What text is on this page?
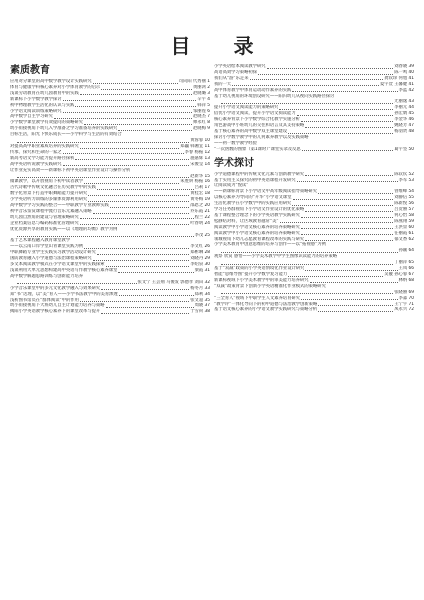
目 录
素质教育
应用对分课堂的高中数学教学设计实践研究	司向阳 代秀丽 1
体育与健康学科核心素养对小学体育教学的启示	黄丽鸿 2
浅谈劳动教育在幼儿园教育中的实践	赵晓璐 3
新课标下小学数学教学探讨	辛宇 4
初中物理教学生活化的认识与实践	韩萍 5
小学语文阅读训练策略研究	邹丽莲 6
高中数学自主学习研究	赵晓杰 7
小学数学课堂教学有效提问的策略研究	帅永红 8
幼小衔接视角下幼儿入学准备之学习准备培养的实践研究	赵晓梅 9
目标生活，阳光下快乐成长——小学科学与生活的有效结合
黄蓉蓉 10
对提高高中职业素质培养的实践研究	郑巍 韩湘宜 11
传承、探究和生命的一家之	李春 杨振 12
新高考语文学习能力提升路径探析	施嘉辉 13
高中英语听说教学实践研究	宋俊莹 14
让作业充实高效——新课标下初中英语课堂作业设计与操作分析
赵新华 15
微课教学，以开放视角下初中读者教学	朱胜妍 杨振 16
古代诗歌中传统文化融合在历史教学中的实践	吕莉 17
数字化背景下打造中职舞蹈能力提升研究	黄桂宏 18
小学英语听力训练的多媒体资源利用研究	黄冬梅 19
高中数学学习实践的整合——中职教学专业教师实践	邵恩之 20
初中音乐鉴赏课程中流行音乐元素融入策略	乔东霞 21
幼儿园自然角的建设与管理策略研究	程兰 22
企业档案信息与编码标准化管理研究	叶春明 24
优化资源共享的教育实践——以《地理的均衡》教学为例
李茂 25
基于艺术课程融入教育课堂教学
——以云南口岸学堂山青课堂实践为例	李文红 26
中职舞蹈专业学生实践实习教学活动设计研究	郑彬琳 28
国防教育融入小学道德与法治课程策略研究	刘晓丹 29
多文本阅读教学模式在小学语文课堂中的实践探索	李绍泉 30
浅谈利用大单元思想构建高中英语写作教学核心素养课堂	梁霞 31
高中数学解题思路训练与创新能力培养
张文宁 王芸翔 马俊发 郭德孝 刘田 32
小学音乐课堂中的多元文化教学融入与效果研究	杨冬月 33
知“书”达理，以“美”育人——小学书法教学中的美育渗透	郑利 34
浅析图书馆员在“群体阅读”中的作用	张文超 35
幼小衔接视角下大班幼儿自主计划能力培养与策略	周晓 37
揭阳小学英语教学核心素养下的课堂改革与提升	于雪荷 38
小学英语绘本阅读教学研究	刘春晓 39
高语高效学习策略初探	陈一鸣 40
我们从“游”乐走来	龚钦珍 何旭 41
我的一天	夏宇萱 王馨婕 41
高中体育教学中体育运动动作素养的实践	李蓝 42
基于幼儿视角的环境创设研究——阳归幼儿从视向实践路径探讨
尤丽逸 43
提升小学语文阅读能力的策略研究	李丽元 44
借优小学语文阅读，提升小学语文阅读能力	孙宏婧 45
核心素养背景下小学数学综合化教学实施分析	李金华 46
角色游戏中小班幼儿的交往和语言及其支持策略	姚晓芳 47
基于核心素养的高中数学双主课堂建设	杨羽贤 48
探讨小学数学教学中的几何素养教学以及实践策略
——初一数学教学经验
“一次函数的图象（第1课时）”课堂实录及反思	葛宇坚 50
学术探讨
小学道德课程中的传统文化元素与创新教学研究	陈钦钦 52
基于实用主义探究的初中英语课程开发研究	李军 53
让阅读成为“悦读”
——新课标背景下小学语文中高年级阅读指导策略研究	曾维峰 54
以核心素养为导向的“升华”小学语文课堂	刘静信 55
生活化教学在小学数学中的实践应用研究	陈新悦 56
学习任务群视角下小学语文作业设计的优化策略	吕贺丽 57
基于课程整合理念下的小学英语教学实践研究	何心怡 58
松静结对料，让区域教育越常“美”	陈燕翔 59
阅读教学中小学语文核心素养的培养策略研究	王洪显 60
阅读教学中小学语文核心素养的培养策略研究	任丽霞 61
领城视角下幼儿志愿教育课程改革的实践与研究	郁文香 62
小学美术教育中创意思维的培养与创作——以“拓视感”为例
孙颖 64
观察 欣赏 感悟——小学美术教学中学生图像识读能力的培养策略
丁丽萍 65
基于“双减”政策的小学英语情境化作业设计研究	王凤 66
智能“思维导图”提升小学数学复习能力	吴靓 孙心蓉 67
新课标视域下小学美术教学中的审美能力培养研究	林纳 68
“双减”政策背景下创新小学英语精准化作业模式的策略研究
张晓丽 69
“三全育人”视域下中职学生人文素养培育研究	李淼 70
“教学评”一体化导向下的初中道德与法治教学创新策略	王宁宇 71
基于语文核心素养的小学语文教学实践研究与策略分析	凤永兴 72
